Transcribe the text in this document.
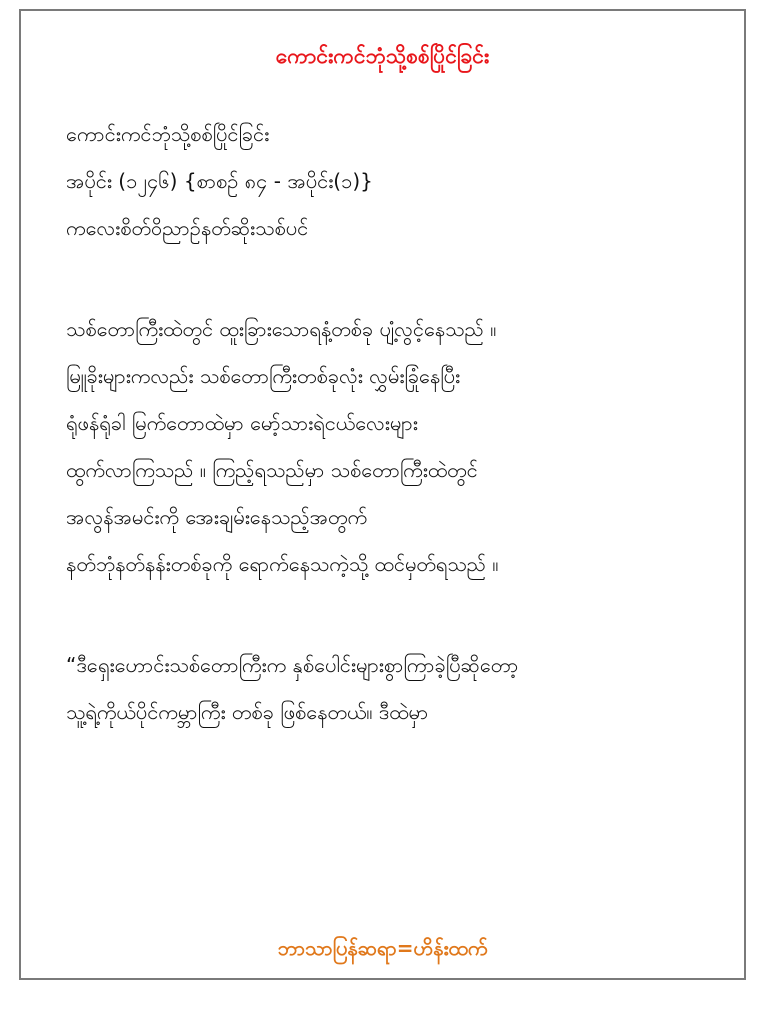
ကောင်းကင်ဘုံသို့စစ်ပြိုင်ခြင်း
ကောင်းကင်ဘုံသို့စစ်ပြိုင်ခြင်း
အပိုင်း (၁၂၄၆) {စာစဉ် ၈၄ - အပိုင်း(၁)}
ကလေးစိတ်ဝိညာဉ်နတ်ဆိုးသစ်ပင်
သစ်တောကြီးထဲတွင် ထူးခြားသောရနံ့တစ်ခု ပျံ့လွင့်နေသည် ။
မြူခိုးများကလည်း သစ်တောကြီးတစ်ခုလုံး လွှမ်းခြုံနေပြီး
ရုံဖန်ရုံခါ မြက်တောထဲမှာ မော့်သားရဲငယ်လေးများ
ထွက်လာကြသည် ။ ကြည့်ရသည်မှာ သစ်တောကြီးထဲတွင်
အလွန်အမင်းကို အေးချမ်းနေသည့်အတွက်
နတ်ဘုံနတ်နန်းတစ်ခုကို ရောက်နေသကဲ့သို့ ထင်မှတ်ရသည် ။
“ဒီရှေးဟောင်းသစ်တောကြီးက နှစ်ပေါင်းများစွာကြာခဲ့ပြီဆိုတော့
သူ့ရဲ့ကိုယ်ပိုင်ကမ္ဘာကြီး တစ်ခု ဖြစ်နေတယ်။ ဒီထဲမှာ
ဘာသာပြန်ဆရာ=ဟိန်းထက်
